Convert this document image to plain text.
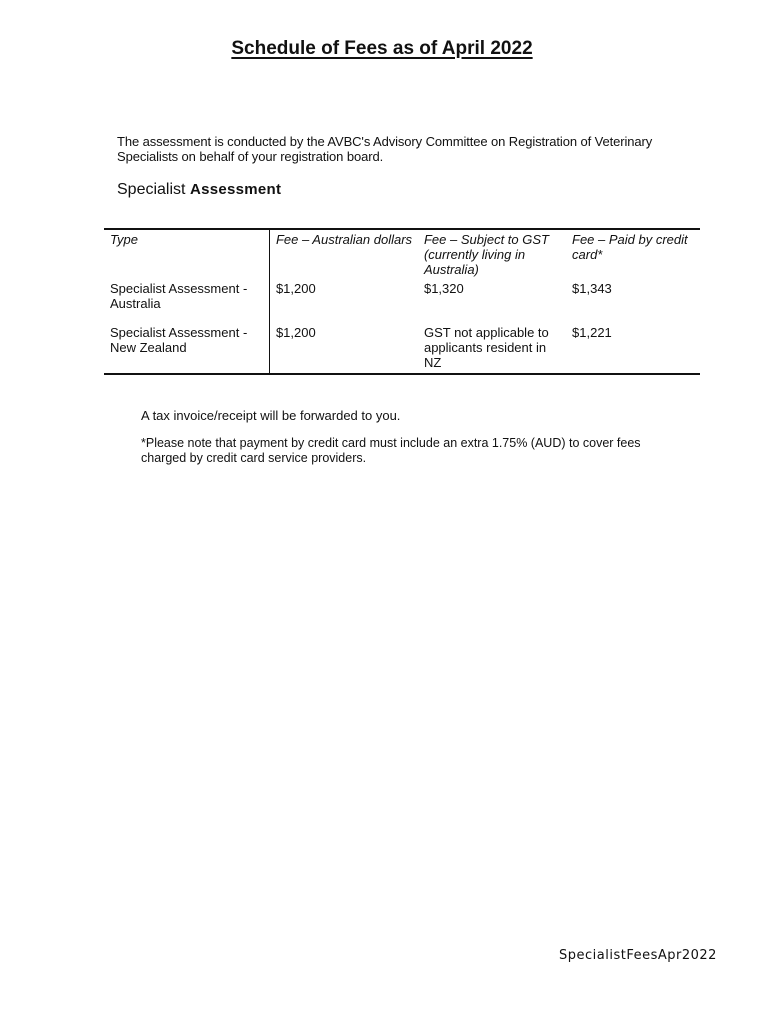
Schedule of Fees as of April 2022
The assessment is conducted by the AVBC's Advisory Committee on Registration of Veterinary Specialists on behalf of your registration board.
Specialist Assessment
Type	Fee – Australian dollars	Fee – Subject to GST (currently living in Australia)	Fee – Paid by credit card*
Specialist Assessment - Australia	$1,200	$1,320	$1,343
Specialist Assessment - New Zealand	$1,200	GST not applicable to applicants resident in NZ	$1,221
A tax invoice/receipt will be forwarded to you.
*Please note that payment by credit card must include an extra 1.75% (AUD) to cover fees charged by credit card service providers.
SpecialistFeesApr2022
